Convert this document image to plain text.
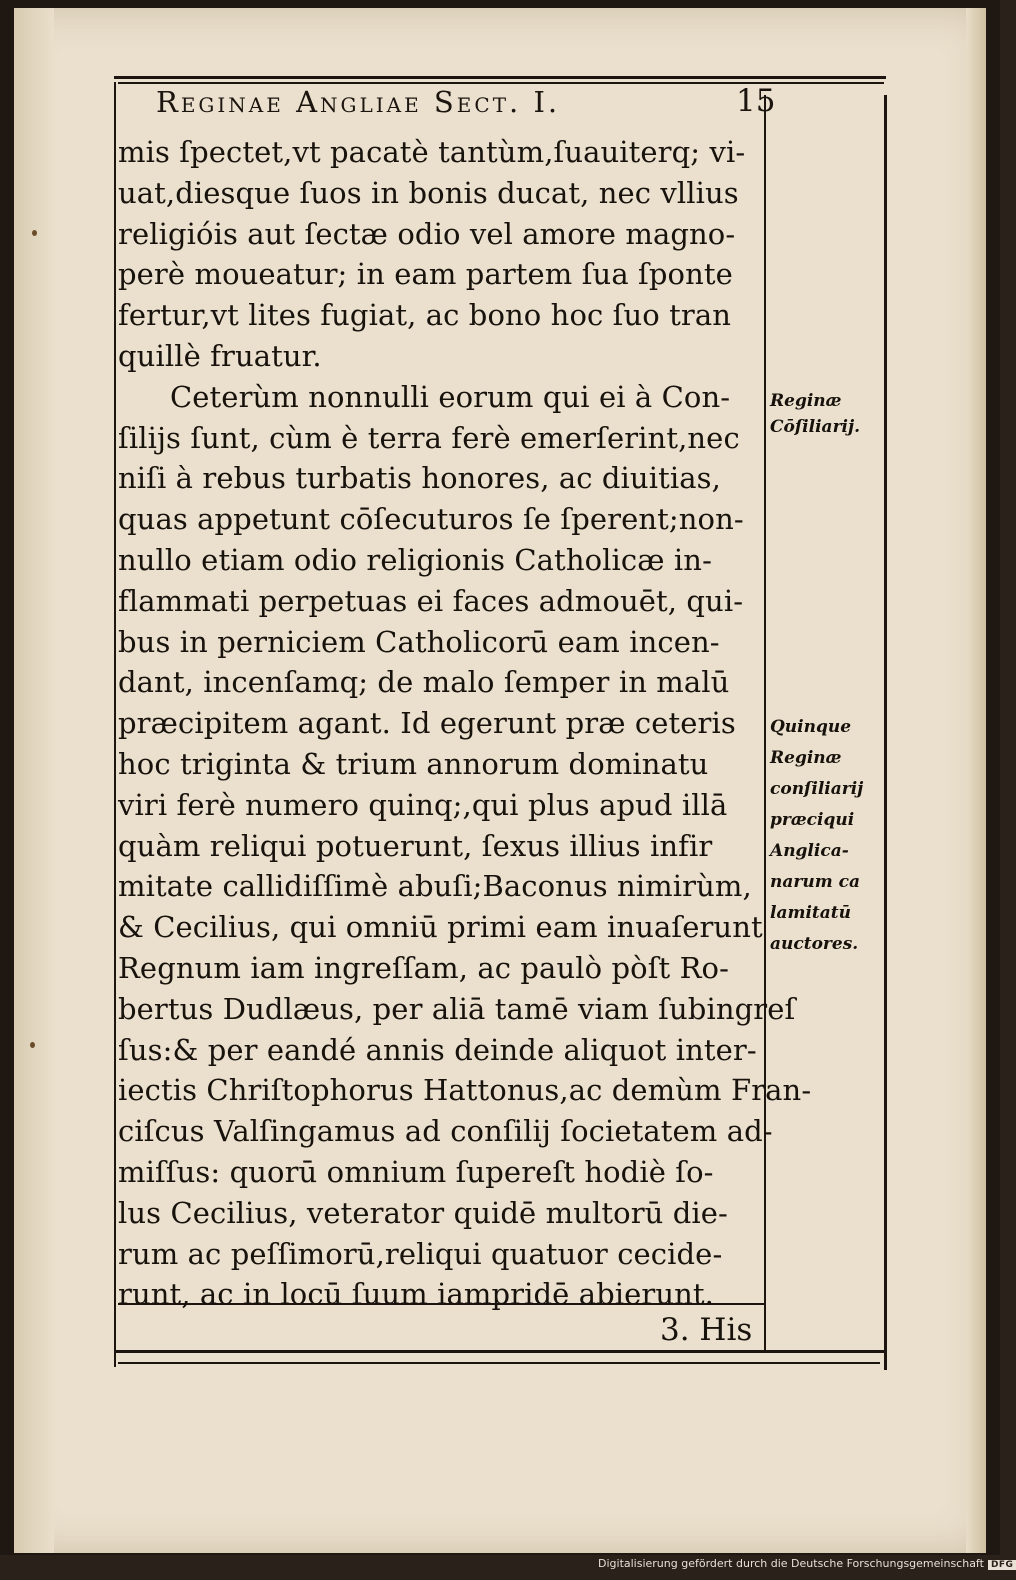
Reginae Angliae Sect. I.	15
mis ſpectet,vt pacatè tantùm,ſuauiterq; vi-
uat,diesque ſuos in bonis ducat, nec vllius
religióis aut ſectæ odio vel amore magno-
perè moueatur; in eam partem ſua ſponte
fertur,vt lites fugiat, ac bono hoc ſuo tran
quillè fruatur.
Ceterùm nonnulli eorum qui ei à Con-
ſilijs ſunt, cùm è terra ferè emerſerint,nec
niſi à rebus turbatis honores, ac diuitias,
quas appetunt cōſecuturos ſe ſperent;non-
nullo etiam odio religionis Catholicæ in-
flammati perpetuas ei faces admouēt, qui-
bus in perniciem Catholicorū eam incen-
dant, incenſamq; de malo ſemper in malū
præcipitem agant. Id egerunt præ ceteris
hoc triginta & trium annorum dominatu
viri ferè numero quinq;,qui plus apud illā
quàm reliqui potuerunt, ſexus illius infir
mitate callidiſſimè abuſi;Baconus nimirùm,
& Cecilius, qui omniū primi eam inuaſerunt
Regnum iam ingreſſam, ac paulò pòſt Ro-
bertus Dudlæus, per aliā tamē viam ſubingreſ
ſus:& per eandé annis deinde aliquot inter-
iectis Chriſtophorus Hattonus,ac demùm Fran-
ciſcus Valſingamus ad conſilij ſocietatem ad-
miſſus: quorū omnium ſupereſt hodiè ſo-
lus Cecilius, veterator quidē multorū die-
rum ac peſſimorū,reliqui quatuor cecide-
runt, ac in locū ſuum iampridē abierunt.
Reginæ
Cōſiliarij.
Quinque
Reginæ
conſiliarij
præciqui
Anglica-
narum ca
lamitatū
auctores.
3. His
Digitalisierung gefördert durch die Deutsche Forschungsgemeinschaft DFG
